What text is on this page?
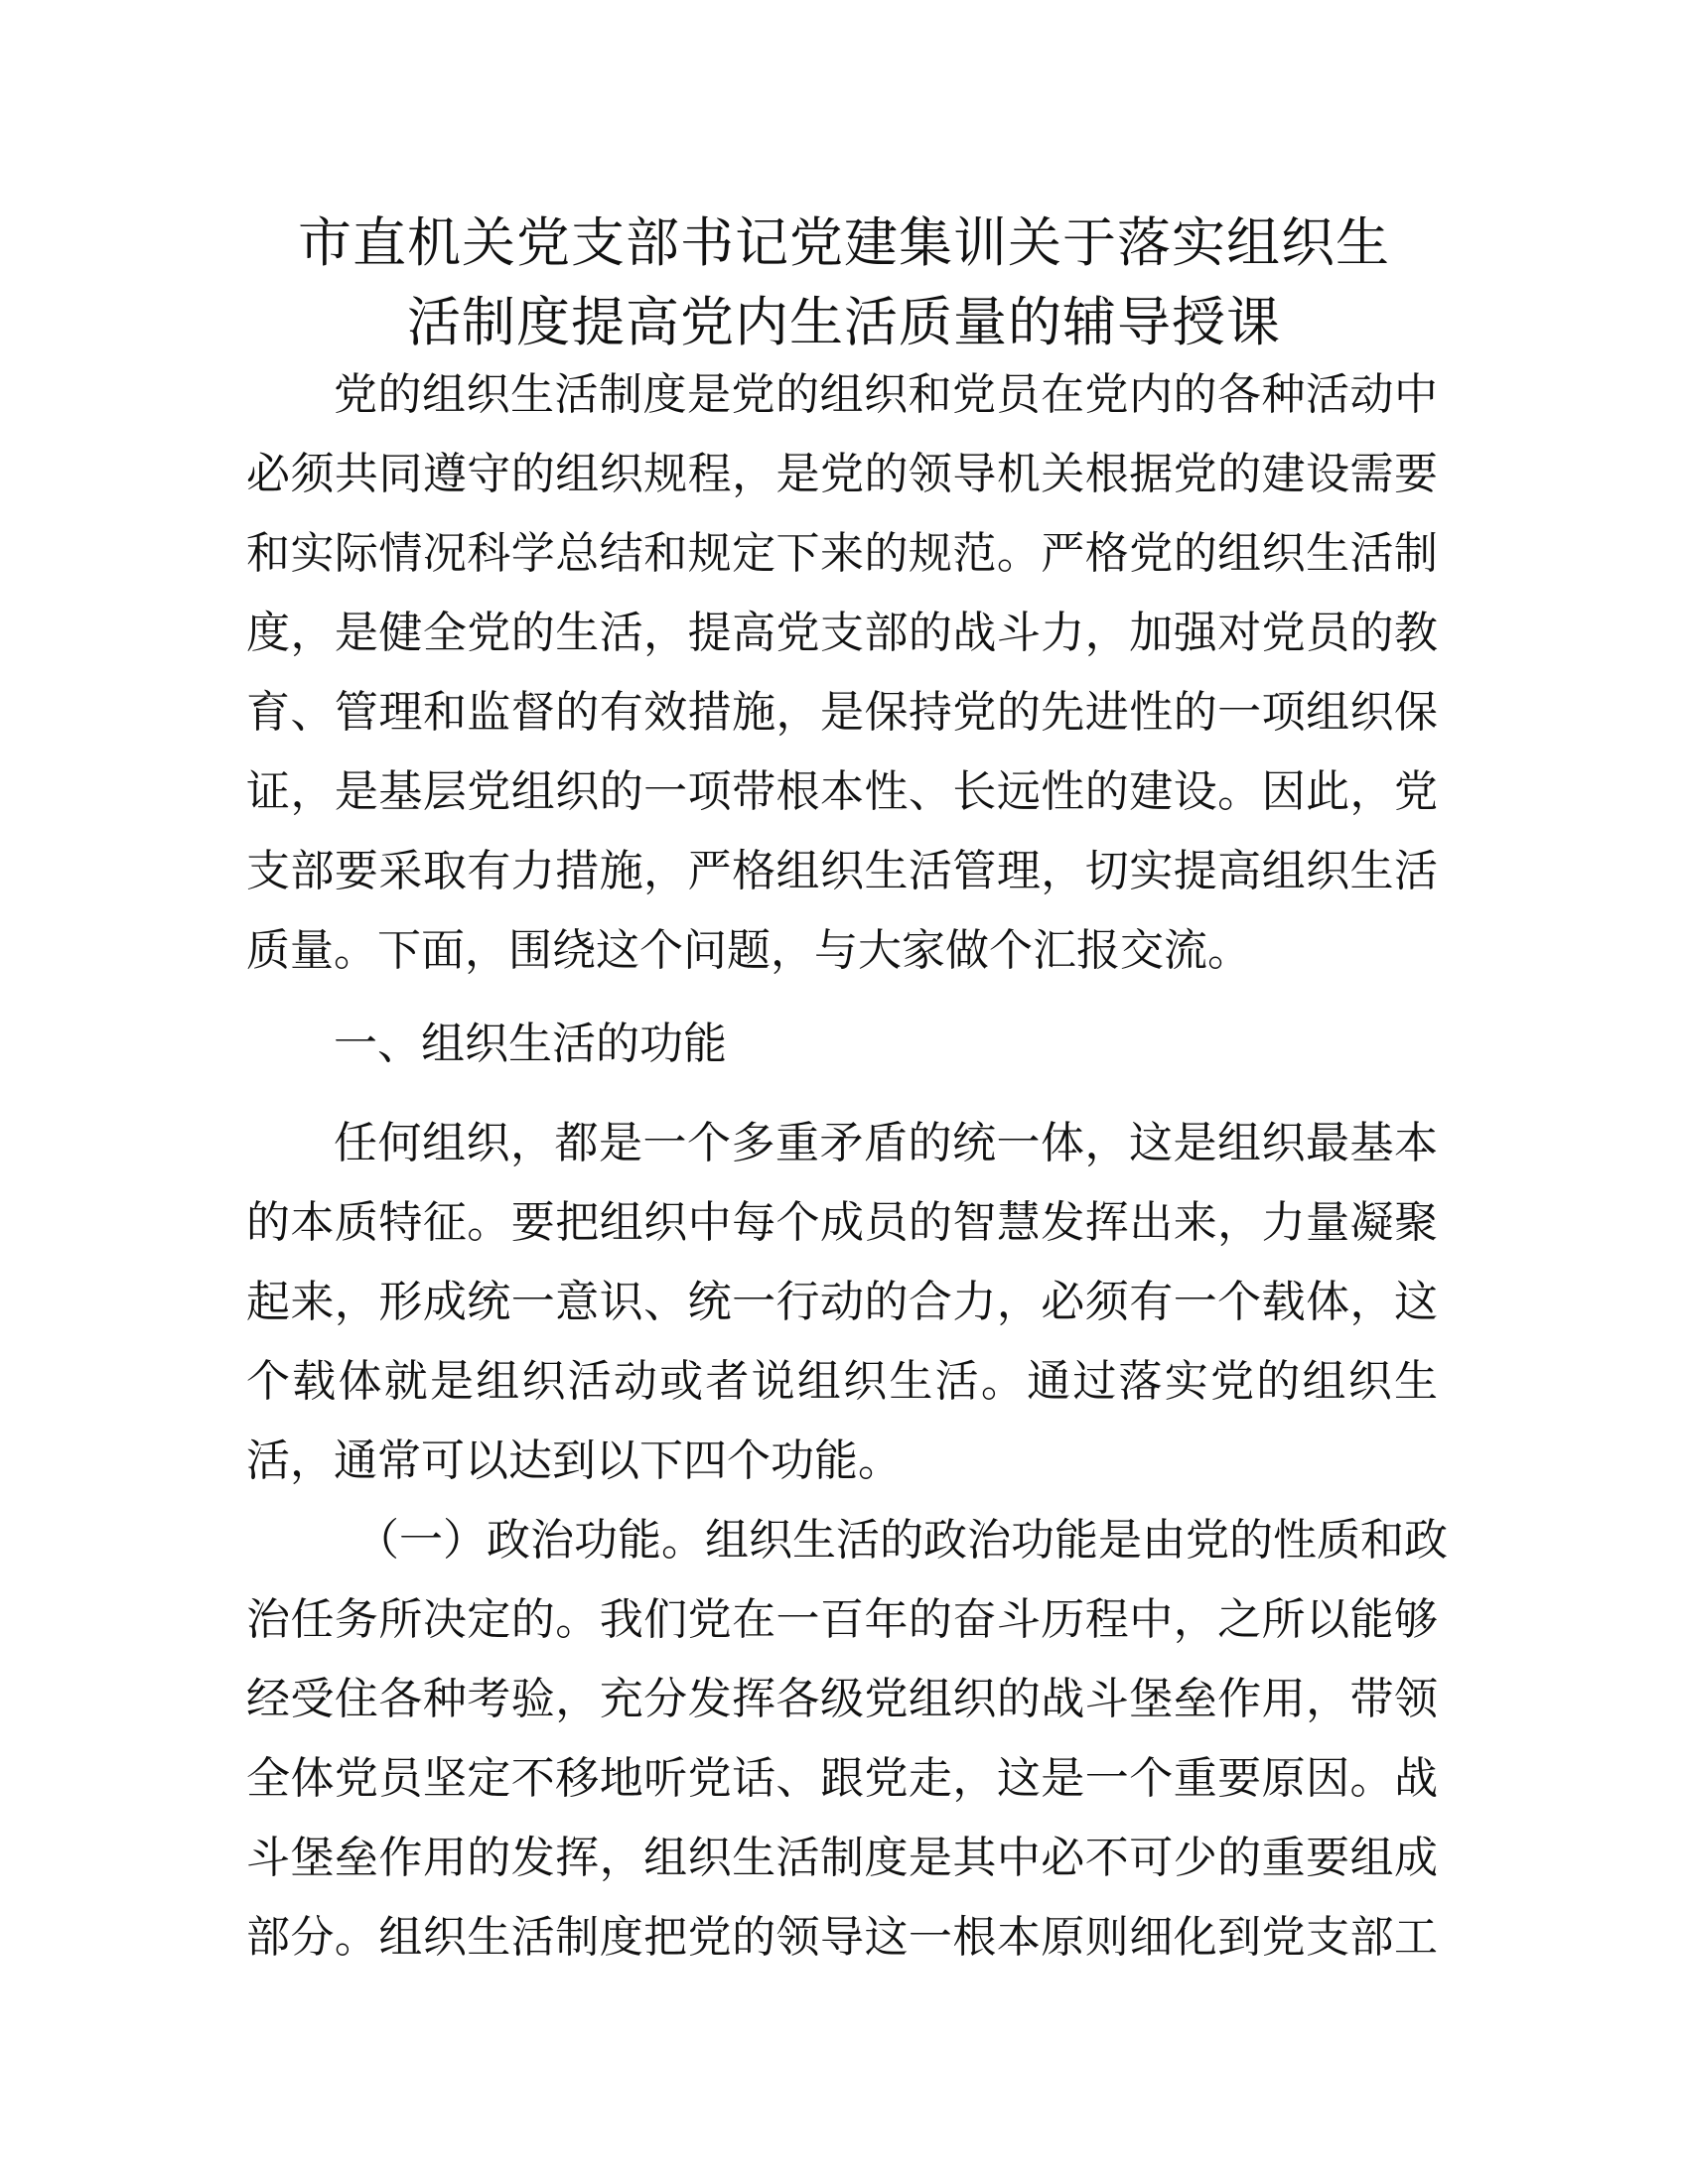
市直机关党支部书记党建集训关于落实组织生
活制度提高党内生活质量的辅导授课
党的组织生活制度是党的组织和党员在党内的各种活动中
必须共同遵守的组织规程，是党的领导机关根据党的建设需要
和实际情况科学总结和规定下来的规范。严格党的组织生活制
度，是健全党的生活，提高党支部的战斗力，加强对党员的教
育、管理和监督的有效措施，是保持党的先进性的一项组织保
证，是基层党组织的一项带根本性、长远性的建设。因此，党
支部要采取有力措施，严格组织生活管理，切实提高组织生活
质量。下面，围绕这个问题，与大家做个汇报交流。
一、组织生活的功能
任何组织，都是一个多重矛盾的统一体，这是组织最基本
的本质特征。要把组织中每个成员的智慧发挥出来，力量凝聚
起来，形成统一意识、统一行动的合力，必须有一个载体，这
个载体就是组织活动或者说组织生活。通过落实党的组织生
活，通常可以达到以下四个功能。
（一）政治功能。组织生活的政治功能是由党的性质和政
治任务所决定的。我们党在一百年的奋斗历程中，之所以能够
经受住各种考验，充分发挥各级党组织的战斗堡垒作用，带领
全体党员坚定不移地听党话、跟党走，这是一个重要原因。战
斗堡垒作用的发挥，组织生活制度是其中必不可少的重要组成
部分。组织生活制度把党的领导这一根本原则细化到党支部工
